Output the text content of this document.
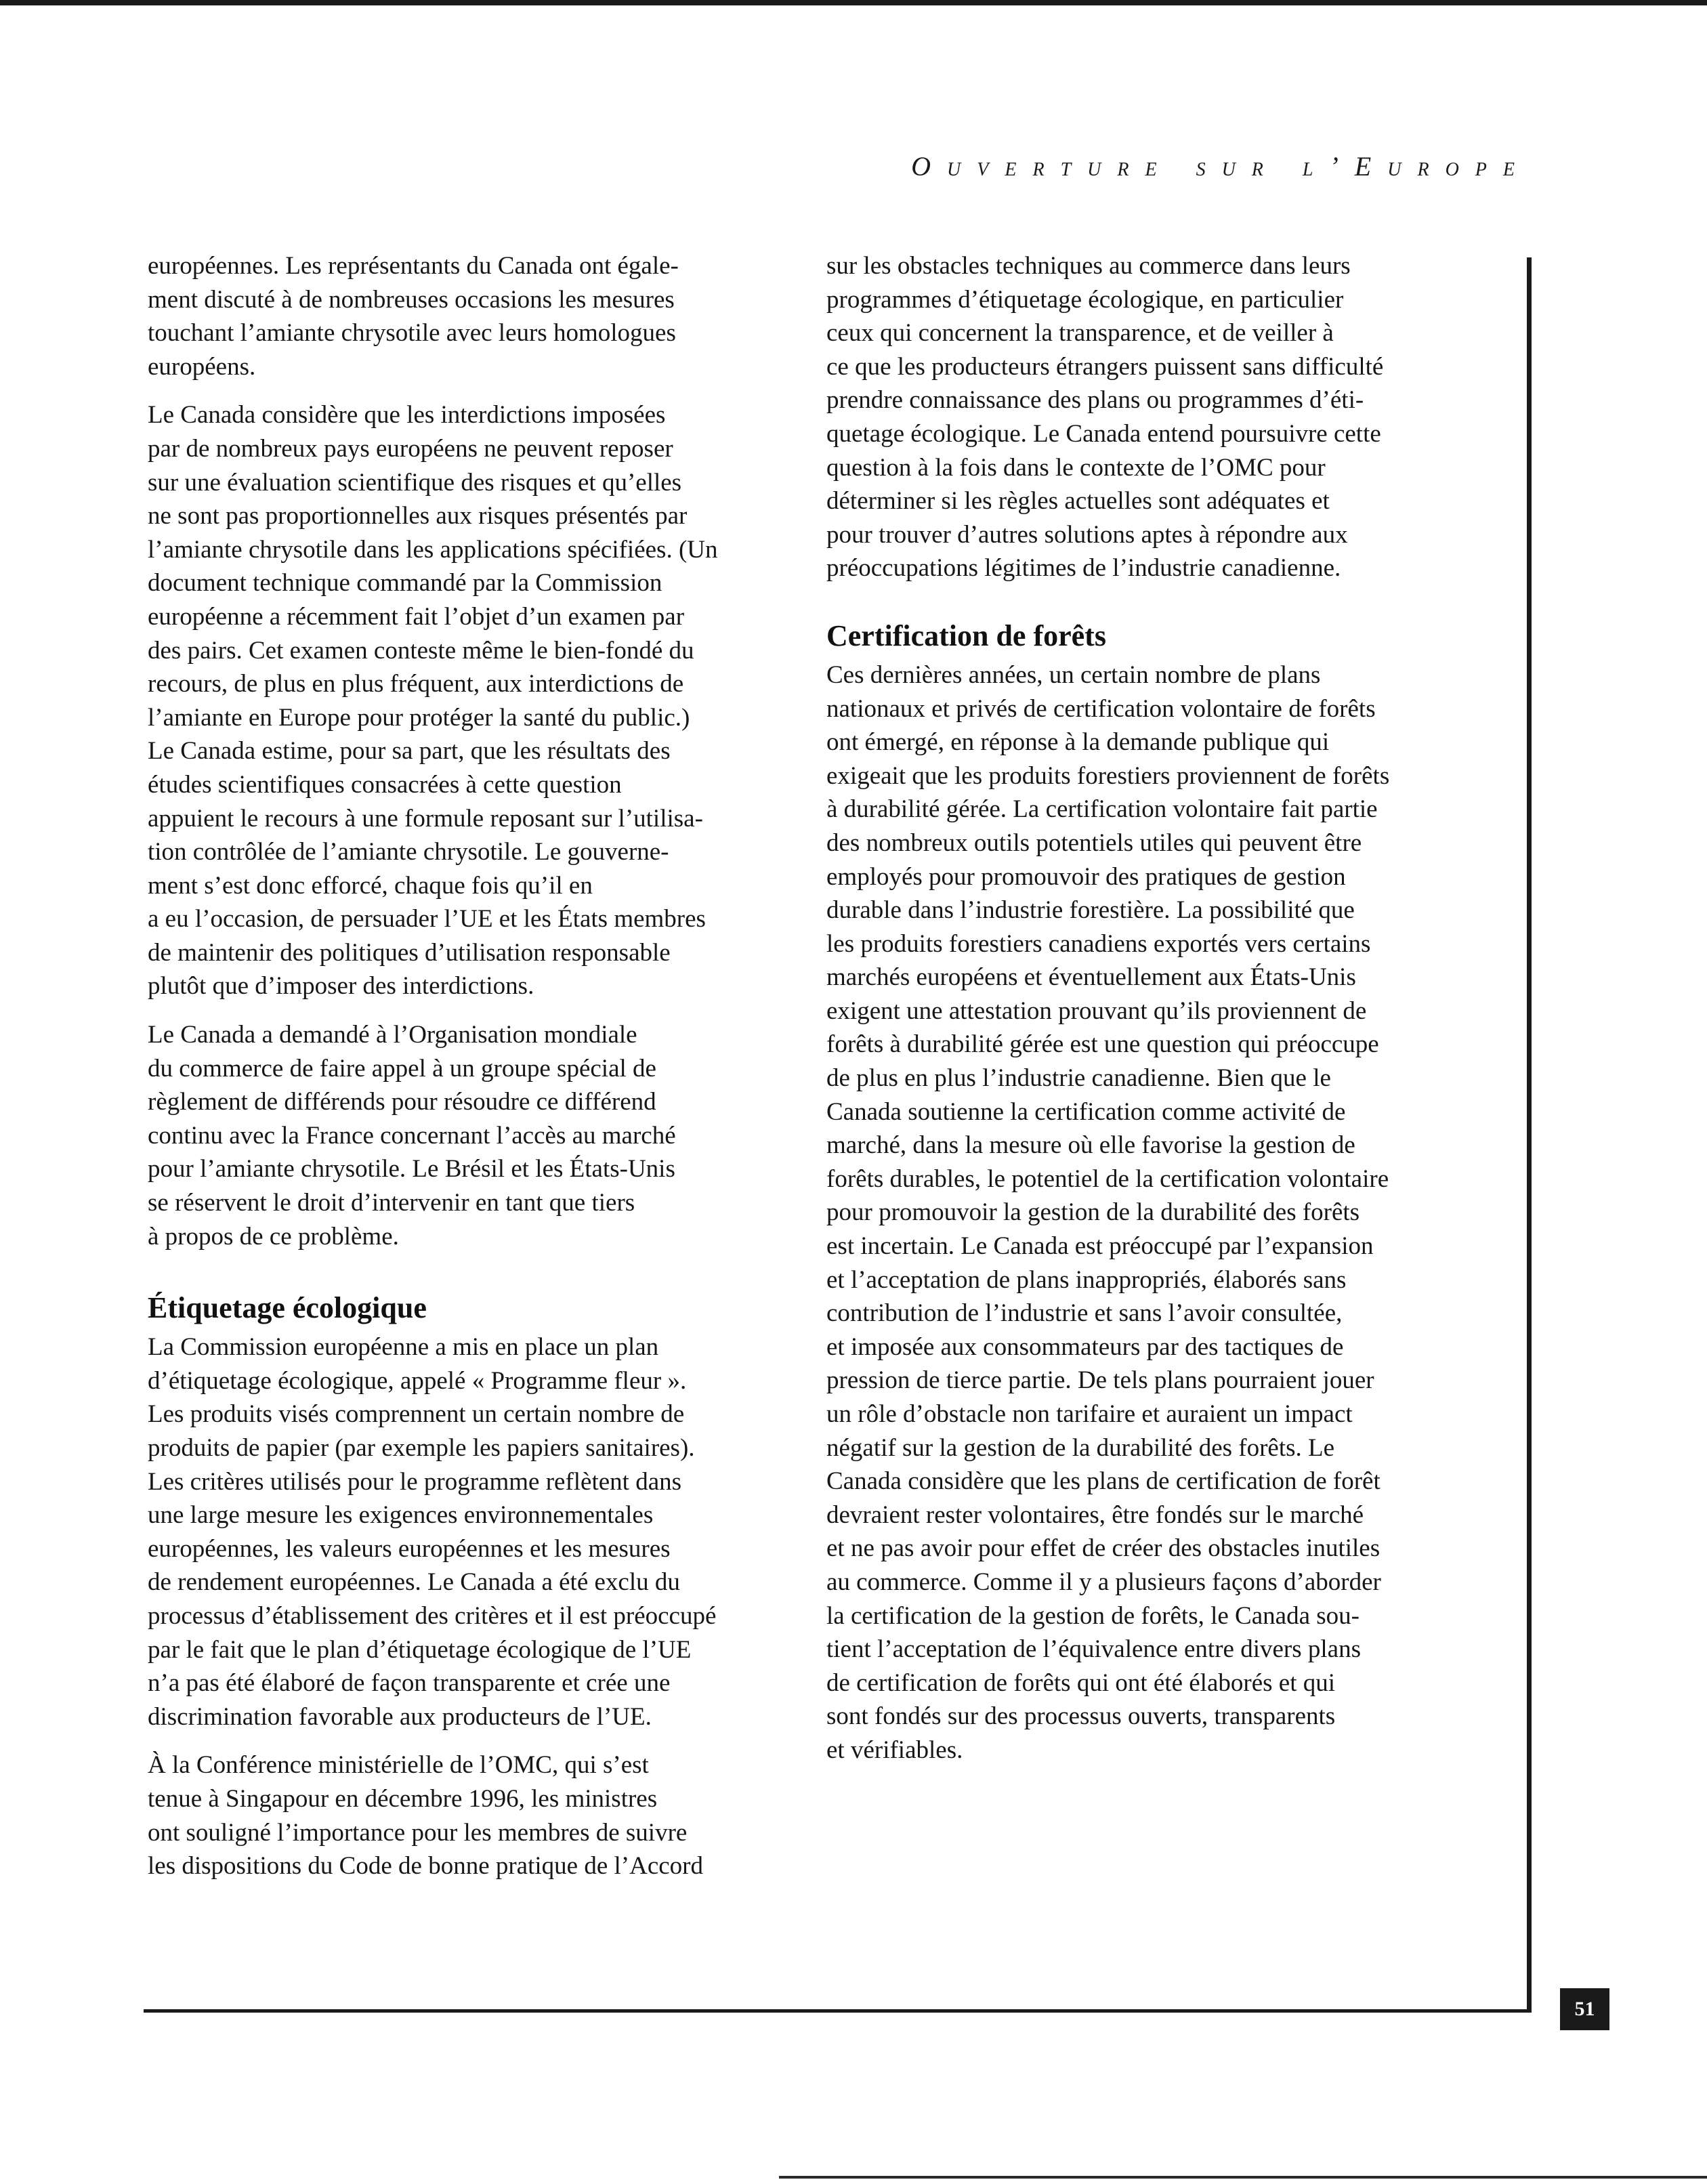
Ouverture sur l’Europe
européennes. Les représentants du Canada ont égale-
ment discuté à de nombreuses occasions les mesures
touchant l’amiante chrysotile avec leurs homologues
européens.
Le Canada considère que les interdictions imposées
par de nombreux pays européens ne peuvent reposer
sur une évaluation scientifique des risques et qu’elles
ne sont pas proportionnelles aux risques présentés par
l’amiante chrysotile dans les applications spécifiées. (Un
document technique commandé par la Commission
européenne a récemment fait l’objet d’un examen par
des pairs. Cet examen conteste même le bien-fondé du
recours, de plus en plus fréquent, aux interdictions de
l’amiante en Europe pour protéger la santé du public.)
Le Canada estime, pour sa part, que les résultats des
études scientifiques consacrées à cette question
appuient le recours à une formule reposant sur l’utilisa-
tion contrôlée de l’amiante chrysotile. Le gouverne-
ment s’est donc efforcé, chaque fois qu’il en
a eu l’occasion, de persuader l’UE et les États membres
de maintenir des politiques d’utilisation responsable
plutôt que d’imposer des interdictions.
Le Canada a demandé à l’Organisation mondiale
du commerce de faire appel à un groupe spécial de
règlement de différends pour résoudre ce différend
continu avec la France concernant l’accès au marché
pour l’amiante chrysotile. Le Brésil et les États-Unis
se réservent le droit d’intervenir en tant que tiers
à propos de ce problème.
Étiquetage écologique
La Commission européenne a mis en place un plan
d’étiquetage écologique, appelé « Programme fleur ».
Les produits visés comprennent un certain nombre de
produits de papier (par exemple les papiers sanitaires).
Les critères utilisés pour le programme reflètent dans
une large mesure les exigences environnementales
européennes, les valeurs européennes et les mesures
de rendement européennes. Le Canada a été exclu du
processus d’établissement des critères et il est préoccupé
par le fait que le plan d’étiquetage écologique de l’UE
n’a pas été élaboré de façon transparente et crée une
discrimination favorable aux producteurs de l’UE.
À la Conférence ministérielle de l’OMC, qui s’est
tenue à Singapour en décembre 1996, les ministres
ont souligné l’importance pour les membres de suivre
les dispositions du Code de bonne pratique de l’Accord
sur les obstacles techniques au commerce dans leurs
programmes d’étiquetage écologique, en particulier
ceux qui concernent la transparence, et de veiller à
ce que les producteurs étrangers puissent sans difficulté
prendre connaissance des plans ou programmes d’éti-
quetage écologique. Le Canada entend poursuivre cette
question à la fois dans le contexte de l’OMC pour
déterminer si les règles actuelles sont adéquates et
pour trouver d’autres solutions aptes à répondre aux
préoccupations légitimes de l’industrie canadienne.
Certification de forêts
Ces dernières années, un certain nombre de plans
nationaux et privés de certification volontaire de forêts
ont émergé, en réponse à la demande publique qui
exigeait que les produits forestiers proviennent de forêts
à durabilité gérée. La certification volontaire fait partie
des nombreux outils potentiels utiles qui peuvent être
employés pour promouvoir des pratiques de gestion
durable dans l’industrie forestière. La possibilité que
les produits forestiers canadiens exportés vers certains
marchés européens et éventuellement aux États-Unis
exigent une attestation prouvant qu’ils proviennent de
forêts à durabilité gérée est une question qui préoccupe
de plus en plus l’industrie canadienne. Bien que le
Canada soutienne la certification comme activité de
marché, dans la mesure où elle favorise la gestion de
forêts durables, le potentiel de la certification volontaire
pour promouvoir la gestion de la durabilité des forêts
est incertain. Le Canada est préoccupé par l’expansion
et l’acceptation de plans inappropriés, élaborés sans
contribution de l’industrie et sans l’avoir consultée,
et imposée aux consommateurs par des tactiques de
pression de tierce partie. De tels plans pourraient jouer
un rôle d’obstacle non tarifaire et auraient un impact
négatif sur la gestion de la durabilité des forêts. Le
Canada considère que les plans de certification de forêt
devraient rester volontaires, être fondés sur le marché
et ne pas avoir pour effet de créer des obstacles inutiles
au commerce. Comme il y a plusieurs façons d’aborder
la certification de la gestion de forêts, le Canada sou-
tient l’acceptation de l’équivalence entre divers plans
de certification de forêts qui ont été élaborés et qui
sont fondés sur des processus ouverts, transparents
et vérifiables.
51
